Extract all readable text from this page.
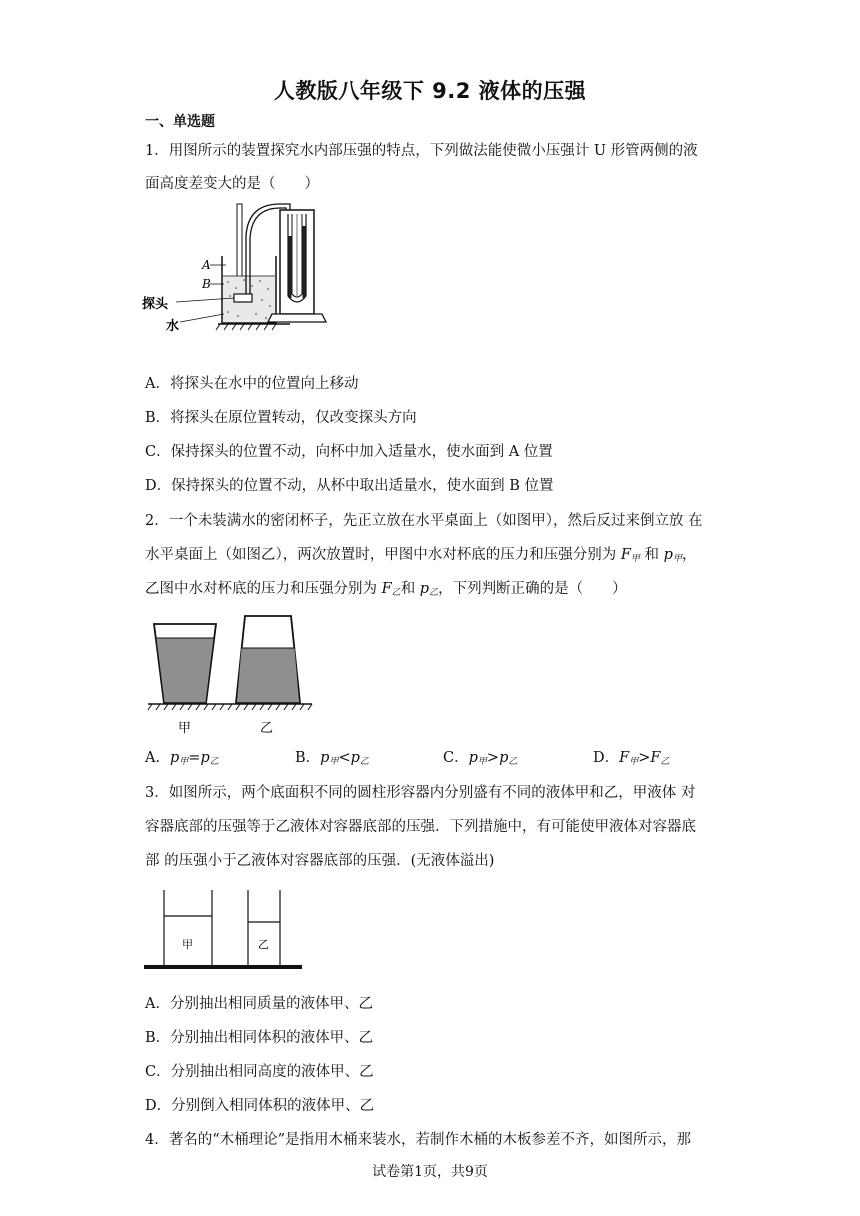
人教版八年级下 9.2 液体的压强
一、单选题
1．用图所示的装置探究水内部压强的特点，下列做法能使微小压强计 U 形管两侧的液
面高度差变大的是（　　）
A
B
探头
水
A．将探头在水中的位置向上移动
B．将探头在原位置转动，仅改变探头方向
C．保持探头的位置不动，向杯中加入适量水，使水面到 A 位置
D．保持探头的位置不动，从杯中取出适量水，使水面到 B 位置
2．一个未装满水的密闭杯子，先正立放在水平桌面上（如图甲），然后反过来倒立放 在
水平桌面上（如图乙），两次放置时，甲图中水对杯底的压力和压强分别为 $F_甲$ 和 $p_甲$，
乙图中水对杯底的压力和压强分别为 $F_乙$和 $p_乙$，下列判断正确的是（　　）
甲	乙
A．$p_甲=p_乙$	B．$p_甲<p_乙$	C．$p_甲>p_乙$	D．$F_甲>F_乙$
3．如图所示，两个底面积不同的圆柱形容器内分别盛有不同的液体甲和乙，甲液体 对
容器底部的压强等于乙液体对容器底部的压强．下列措施中，有可能使甲液体对容器底
部 的压强小于乙液体对容器底部的压强．(无液体溢出)
甲	乙
A．分别抽出相同质量的液体甲、乙
B．分别抽出相同体积的液体甲、乙
C．分别抽出相同高度的液体甲、乙
D．分别倒入相同体积的液体甲、乙
4．著名的“木桶理论”是指用木桶来装水，若制作木桶的木板参差不齐，如图所示，那
试卷第1页，共9页
